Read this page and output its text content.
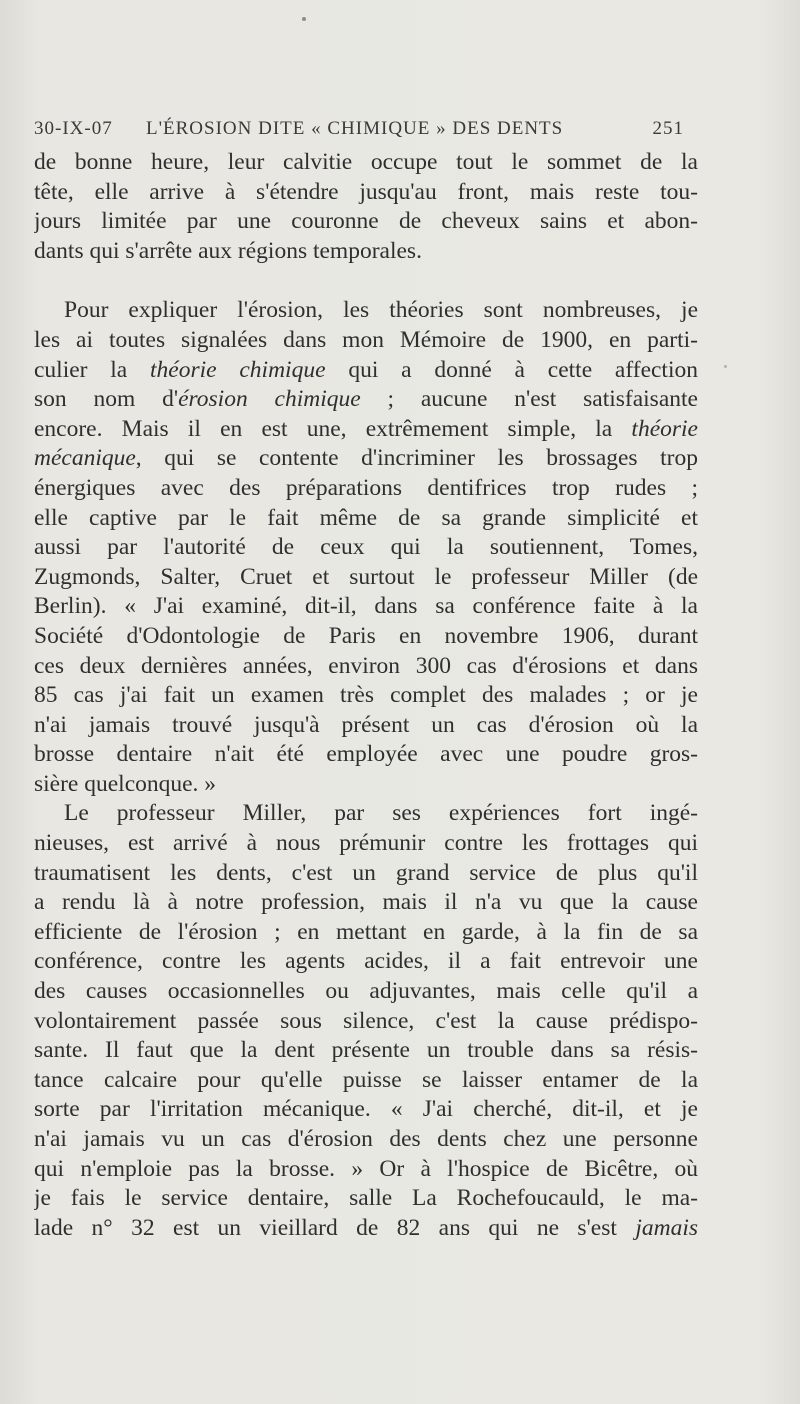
30-IX-07 L'ÉROSION DITE « CHIMIQUE » DES DENTS	251
de bonne heure, leur calvitie occupe tout le sommet de la
tête, elle arrive à s'étendre jusqu'au front, mais reste tou-
jours limitée par une couronne de cheveux sains et abon-
dants qui s'arrête aux régions temporales.
Pour expliquer l'érosion, les théories sont nombreuses, je
les ai toutes signalées dans mon Mémoire de 1900, en parti-
culier la théorie chimique qui a donné à cette affection
son nom d'érosion chimique ; aucune n'est satisfaisante
encore. Mais il en est une, extrêmement simple, la théorie
mécanique, qui se contente d'incriminer les brossages trop
énergiques avec des préparations dentifrices trop rudes ;
elle captive par le fait même de sa grande simplicité et
aussi par l'autorité de ceux qui la soutiennent, Tomes,
Zugmonds, Salter, Cruet et surtout le professeur Miller (de
Berlin). « J'ai examiné, dit-il, dans sa conférence faite à la
Société d'Odontologie de Paris en novembre 1906, durant
ces deux dernières années, environ 300 cas d'érosions et dans
85 cas j'ai fait un examen très complet des malades ; or je
n'ai jamais trouvé jusqu'à présent un cas d'érosion où la
brosse dentaire n'ait été employée avec une poudre gros-
sière quelconque. »
Le professeur Miller, par ses expériences fort ingé-
nieuses, est arrivé à nous prémunir contre les frottages qui
traumatisent les dents, c'est un grand service de plus qu'il
a rendu là à notre profession, mais il n'a vu que la cause
efficiente de l'érosion ; en mettant en garde, à la fin de sa
conférence, contre les agents acides, il a fait entrevoir une
des causes occasionnelles ou adjuvantes, mais celle qu'il a
volontairement passée sous silence, c'est la cause prédispo-
sante. Il faut que la dent présente un trouble dans sa résis-
tance calcaire pour qu'elle puisse se laisser entamer de la
sorte par l'irritation mécanique. « J'ai cherché, dit-il, et je
n'ai jamais vu un cas d'érosion des dents chez une personne
qui n'emploie pas la brosse. » Or à l'hospice de Bicêtre, où
je fais le service dentaire, salle La Rochefoucauld, le ma-
lade n° 32 est un vieillard de 82 ans qui ne s'est jamais
